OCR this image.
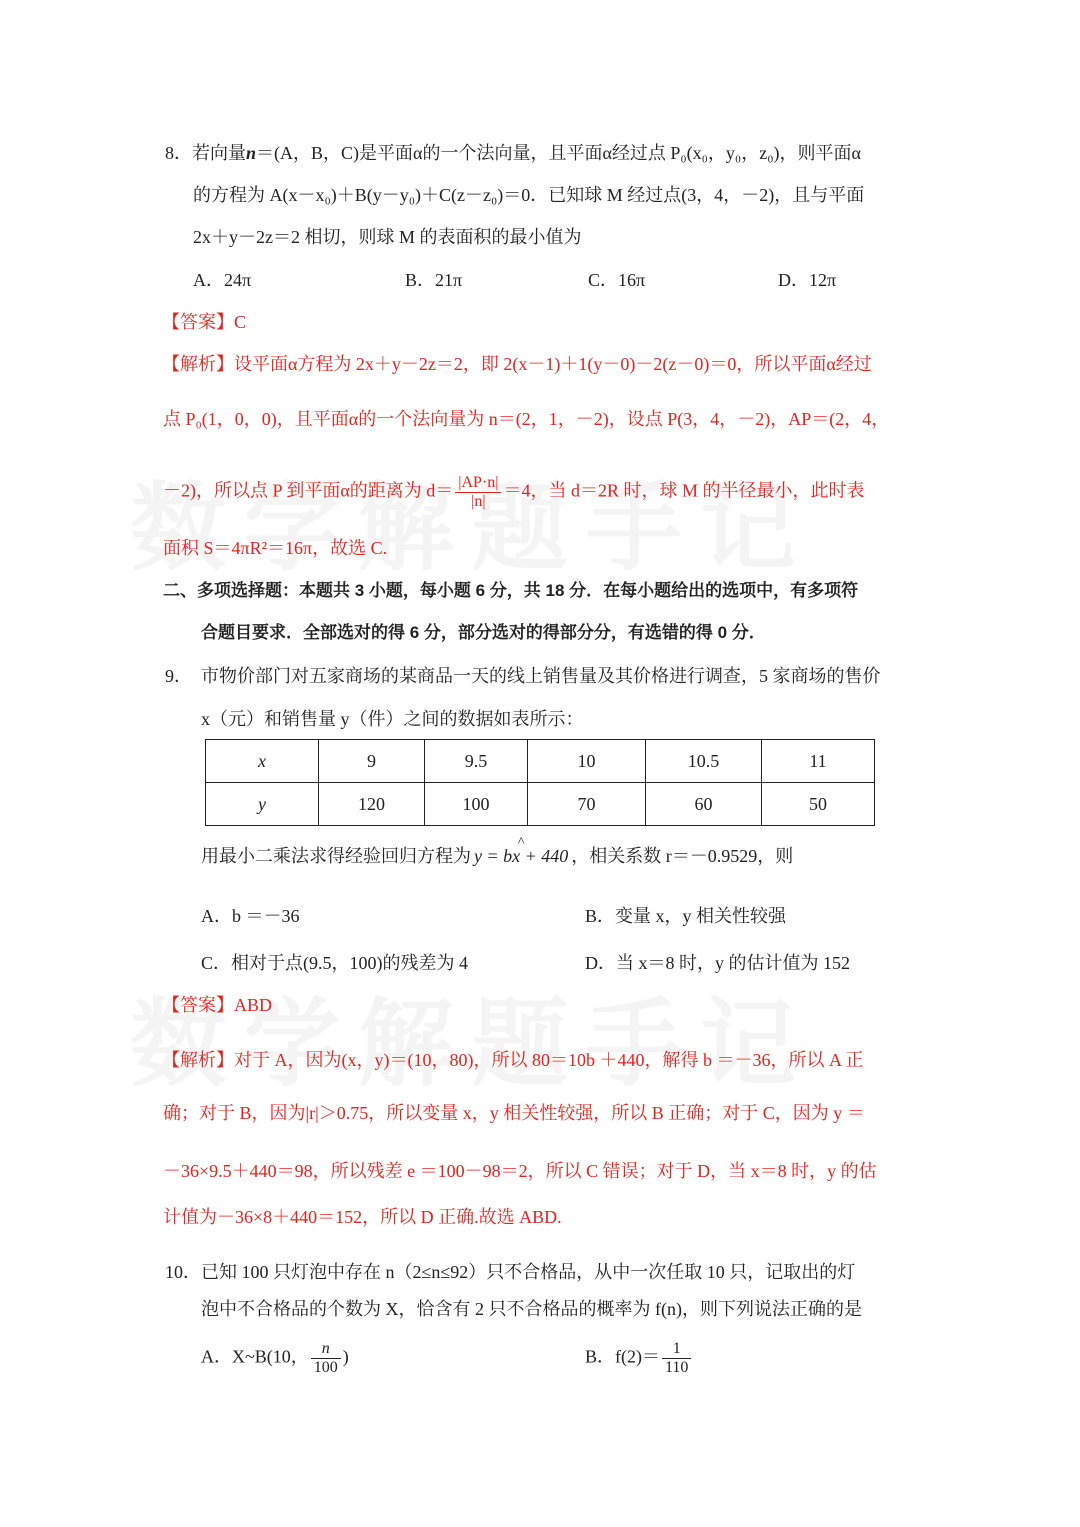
8．若向量n＝(A，B，C)是平面α的一个法向量，且平面α经过点 P₀(x₀，y₀，z₀)，则平面α
的方程为 A(x－x₀)＋B(y－y₀)＋C(z－z₀)＝0．已知球 M 经过点(3，4，－2)，且与平面
2x＋y－2z＝2 相切，则球 M 的表面积的最小值为
A．24π	B．21π	C．16π	D．12π
【答案】C
【解析】设平面α方程为 2x＋y－2z＝2，即 2(x－1)＋1(y－0)－2(z－0)＝0，所以平面α经过
点 P₀(1，0，0)，且平面α的一个法向量为 n＝(2，1，－2)，设点 P(3，4，－2)，AP＝(2，4，
－2)，所以点 P 到平面α的距离为 $d= \frac{|AP\cdot n|}{|n|} =4$，当 d＝2R 时，球 M 的半径最小，此时表
面积 S＝4πR²＝16π，故选 C.
二、多项选择题：本题共 3 小题，每小题 6 分，共 18 分．在每小题给出的选项中，有多项符
合题目要求．全部选对的得 6 分，部分选对的得部分分，有选错的得 0 分．
9．　市物价部门对五家商场的某商品一天的线上销售量及其价格进行调查，5 家商场的售价
x（元）和销售量 y（件）之间的数据如表所示：
x	9	9.5	10	10.5	11
y	120	100	70	60	50
用最小二乘法求得经验回归方程为 ^ y = bx + 440 ，相关系数 r＝－0.9529，则
A．b ＝－36	B．变量 x，y 相关性较强
C．相对于点(9.5，100)的残差为 4	D．当 x＝8 时，y 的估计值为 152
【答案】ABD
【解析】对于 A，因为(x，y)＝(10，80)，所以 80＝10b ＋440，解得 b ＝－36，所以 A 正
确；对于 B，因为|r|＞0.75，所以变量 x，y 相关性较强，所以 B 正确；对于 C，因为 y ＝
－36×9.5＋440＝98，所以残差 e ＝100－98＝2，所以 C 错误；对于 D，当 x＝8 时，y 的估
计值为－36×8＋440＝152，所以 D 正确.故选 ABD.
10．已知 100 只灯泡中存在 n（2≤n≤92）只不合格品，从中一次任取 10 只，记取出的灯
泡中不合格品的个数为 X，恰含有 2 只不合格品的概率为 f(n)，则下列说法正确的是
A．X~B(10， $\frac{n}{100}$ )	B．$f(2)= \frac{1}{110}$
